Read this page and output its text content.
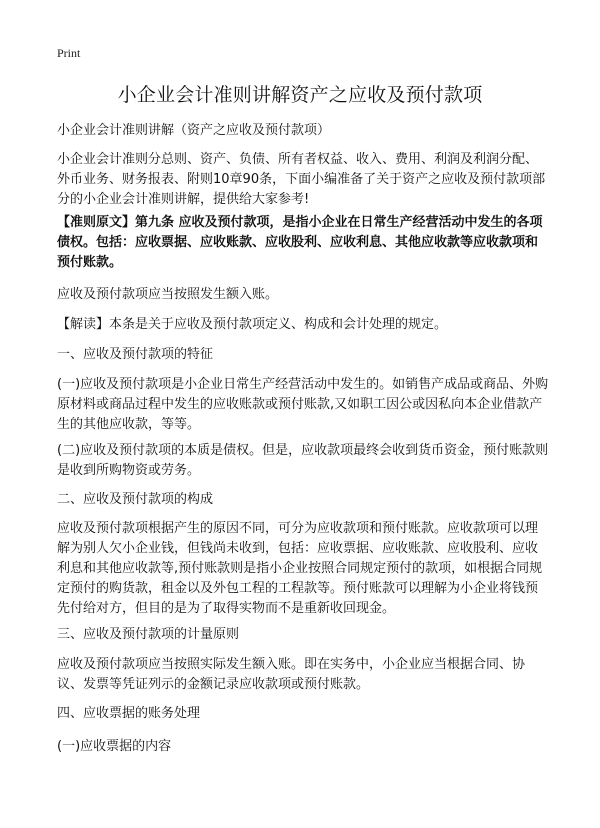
Print
小企业会计准则讲解资产之应收及预付款项
小企业会计准则讲解（资产之应收及预付款项）
小企业会计准则分总则、资产、负债、所有者权益、收入、费用、利润及利润分配、外币业务、财务报表、附则10章90条，下面小编准备了关于资产之应收及预付款项部分的小企业会计准则讲解，提供给大家参考!
【准则原文】第九条 应收及预付款项，是指小企业在日常生产经营活动中发生的各项债权。包括：应收票据、应收账款、应收股利、应收利息、其他应收款等应收款项和预付账款。
应收及预付款项应当按照发生额入账。
【解读】本条是关于应收及预付款项定义、构成和会计处理的规定。
一、应收及预付款项的特征
(一)应收及预付款项是小企业日常生产经营活动中发生的。如销售产成品或商品、外购原材料或商品过程中发生的应收账款或预付账款,又如职工因公或因私向本企业借款产生的其他应收款，等等。
(二)应收及预付款项的本质是债权。但是，应收款项最终会收到货币资金，预付账款则是收到所购物资或劳务。
二、应收及预付款项的构成
应收及预付款项根据产生的原因不同，可分为应收款项和预付账款。应收款项可以理解为别人欠小企业钱，但钱尚未收到，包括：应收票据、应收账款、应收股利、应收利息和其他应收款等,预付账款则是指小企业按照合同规定预付的款项，如根据合同规定预付的购货款，租金以及外包工程的工程款等。预付账款可以理解为小企业将钱预先付给对方，但目的是为了取得实物而不是重新收回现金。
三、应收及预付款项的计量原则
应收及预付款项应当按照实际发生额入账。即在实务中，小企业应当根据合同、协议、发票等凭证列示的金额记录应收款项或预付账款。
四、应收票据的账务处理
(一)应收票据的内容
